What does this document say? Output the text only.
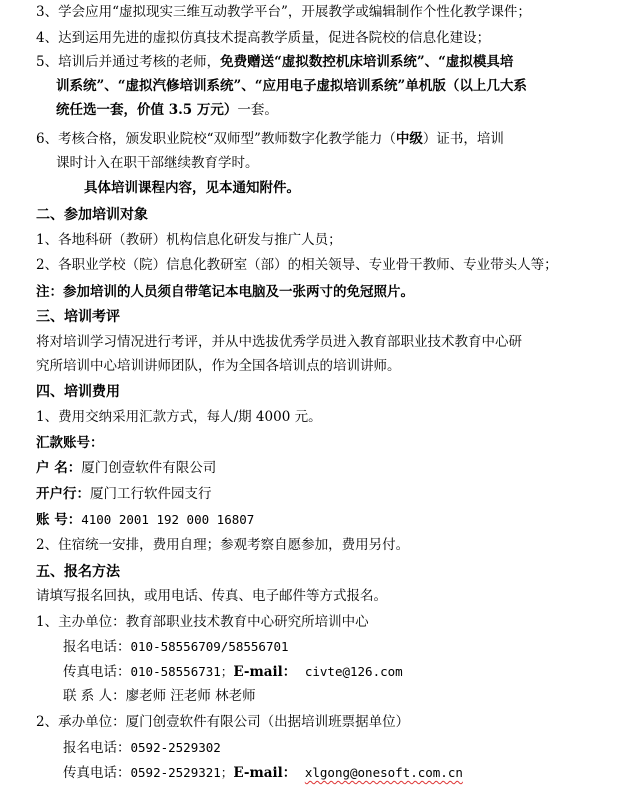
3、学会应用“虚拟现实三维互动教学平台”，开展教学或编辑制作个性化教学课件；
4、达到运用先进的虚拟仿真技术提高教学质量，促进各院校的信息化建设；
5、培训后并通过考核的老师，免费赠送“虚拟数控机床培训系统”、“虚拟模具培
训系统”、“虚拟汽修培训系统”、“应用电子虚拟培训系统”单机版（以上几大系
统任选一套，价值 3.5 万元）一套。
6、考核合格，颁发职业院校“双师型”教师数字化教学能力（中级）证书，培训
课时计入在职干部继续教育学时。
具体培训课程内容，见本通知附件。
二、参加培训对象
1、各地科研（教研）机构信息化研发与推广人员；
2、各职业学校（院）信息化教研室（部）的相关领导、专业骨干教师、专业带头人等；
注：参加培训的人员须自带笔记本电脑及一张两寸的免冠照片。
三、培训考评
将对培训学习情况进行考评，并从中选拔优秀学员进入教育部职业技术教育中心研
究所培训中心培训讲师团队，作为全国各培训点的培训讲师。
四、培训费用
1、费用交纳采用汇款方式，每人/期 4000 元。
汇款账号：
户 名：厦门创壹软件有限公司
开户行：厦门工行软件园支行
账 号：4100 2001 192 000 16807
2、住宿统一安排，费用自理；参观考察自愿参加，费用另付。
五、报名方法
请填写报名回执，或用电话、传真、电子邮件等方式报名。
1、主办单位：教育部职业技术教育中心研究所培训中心
报名电话：010-58556709/58556701
传真电话：010-58556731；E-mail： civte@126.com
联 系 人：廖老师 汪老师 林老师
2、承办单位：厦门创壹软件有限公司（出据培训班票据单位）
报名电话：0592-2529302
传真电话：0592-2529321；E-mail： xlgong@onesoft.com.cn
